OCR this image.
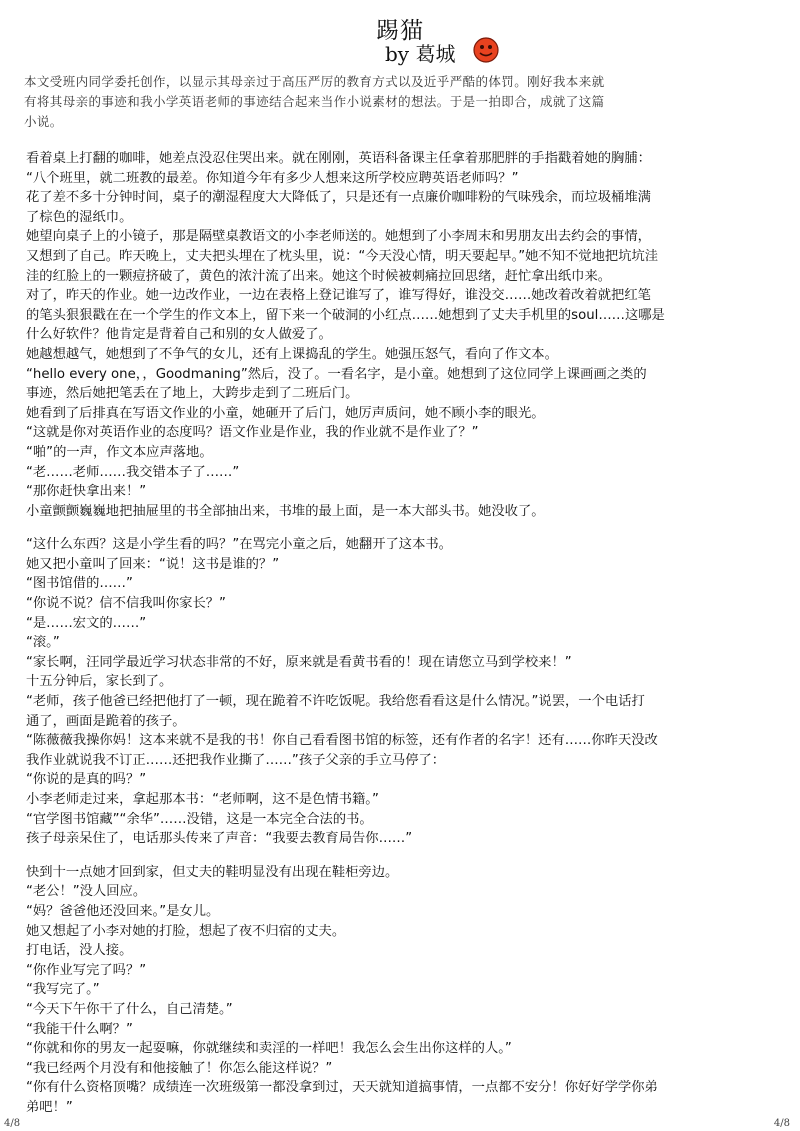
踢猫
by 葛城

本文受班内同学委托创作，以显示其母亲过于高压严厉的教育方式以及近乎严酷的体罚。刚好我本来就

有将其母亲的事迹和我小学英语老师的事迹结合起来当作小说素材的想法。于是一拍即合，成就了这篇

小说。

看着桌上打翻的咖啡，她差点没忍住哭出来。就在刚刚，英语科备课主任拿着那肥胖的手指戳着她的胸脯：

“八个班里，就二班教的最差。你知道今年有多少人想来这所学校应聘英语老师吗？”

花了差不多十分钟时间，桌子的潮湿程度大大降低了，只是还有一点廉价咖啡粉的气味残余，而垃圾桶堆满

了棕色的湿纸巾。

她望向桌子上的小镜子，那是隔壁桌教语文的小李老师送的。她想到了小李周末和男朋友出去约会的事情，

又想到了自己。昨天晚上，丈夫把头埋在了枕头里，说：“今天没心情，明天要起早。”她不知不觉地把坑坑洼

洼的红脸上的一颗痘挤破了，黄色的浓汁流了出来。她这个时候被刺痛拉回思绪，赶忙拿出纸巾来。

对了，昨天的作业。她一边改作业，一边在表格上登记谁写了，谁写得好，谁没交……她改着改着就把红笔

的笔头狠狠戳在在一个学生的作文本上，留下来一个破洞的小红点……她想到了丈夫手机里的soul……这哪是

什么好软件？他肯定是背着自己和别的女人做爱了。

她越想越气，她想到了不争气的女儿，还有上课捣乱的学生。她强压怒气，看向了作文本。

“hello every one，，Goodmaning”然后，没了。一看名字，是小童。她想到了这位同学上课画画之类的

事迹，然后她把笔丢在了地上，大跨步走到了二班后门。

她看到了后排真在写语文作业的小童，她砸开了后门，她厉声质问，她不顾小李的眼光。

“这就是你对英语作业的态度吗？语文作业是作业，我的作业就不是作业了？”

“啪”的一声，作文本应声落地。

“老……老师……我交错本子了……”

“那你赶快拿出来！”

小童颤颤巍巍地把抽屉里的书全部抽出来，书堆的最上面，是一本大部头书。她没收了。

“这什么东西？这是小学生看的吗？”在骂完小童之后，她翻开了这本书。

她又把小童叫了回来：“说！这书是谁的？”

“图书馆借的……”

“你说不说？信不信我叫你家长？”

“是……宏文的……”

“滚。”

“家长啊，汪同学最近学习状态非常的不好，原来就是看黄书看的！现在请您立马到学校来！”

十五分钟后，家长到了。

“老师，孩子他爸已经把他打了一顿，现在跪着不许吃饭呢。我给您看看这是什么情况。”说罢，一个电话打

通了，画面是跪着的孩子。

“陈薇薇我操你妈！这本来就不是我的书！你自己看看图书馆的标签，还有作者的名字！还有……你昨天没改

我作业就说我不订正……还把我作业撕了……”孩子父亲的手立马停了：

“你说的是真的吗？”

小李老师走过来，拿起那本书：“老师啊，这不是色情书籍。”

“官学图书馆藏”“余华”……没错，这是一本完全合法的书。

孩子母亲呆住了，电话那头传来了声音：“我要去教育局告你……”

快到十一点她才回到家，但丈夫的鞋明显没有出现在鞋柜旁边。

“老公！”没人回应。

“妈？爸爸他还没回来。”是女儿。

她又想起了小李对她的打脸，想起了夜不归宿的丈夫。

打电话，没人接。

“你作业写完了吗？”

“我写完了。”

“今天下午你干了什么，自己清楚。”

“我能干什么啊？”

“你就和你的男友一起耍嘛，你就继续和卖淫的一样吧！我怎么会生出你这样的人。”

“我已经两个月没有和他接触了！你怎么能这样说？”

“你有什么资格顶嘴？成绩连一次班级第一都没拿到过，天天就知道搞事情，一点都不安分！你好好学学你弟

弟吧！”

4/8	4/8
